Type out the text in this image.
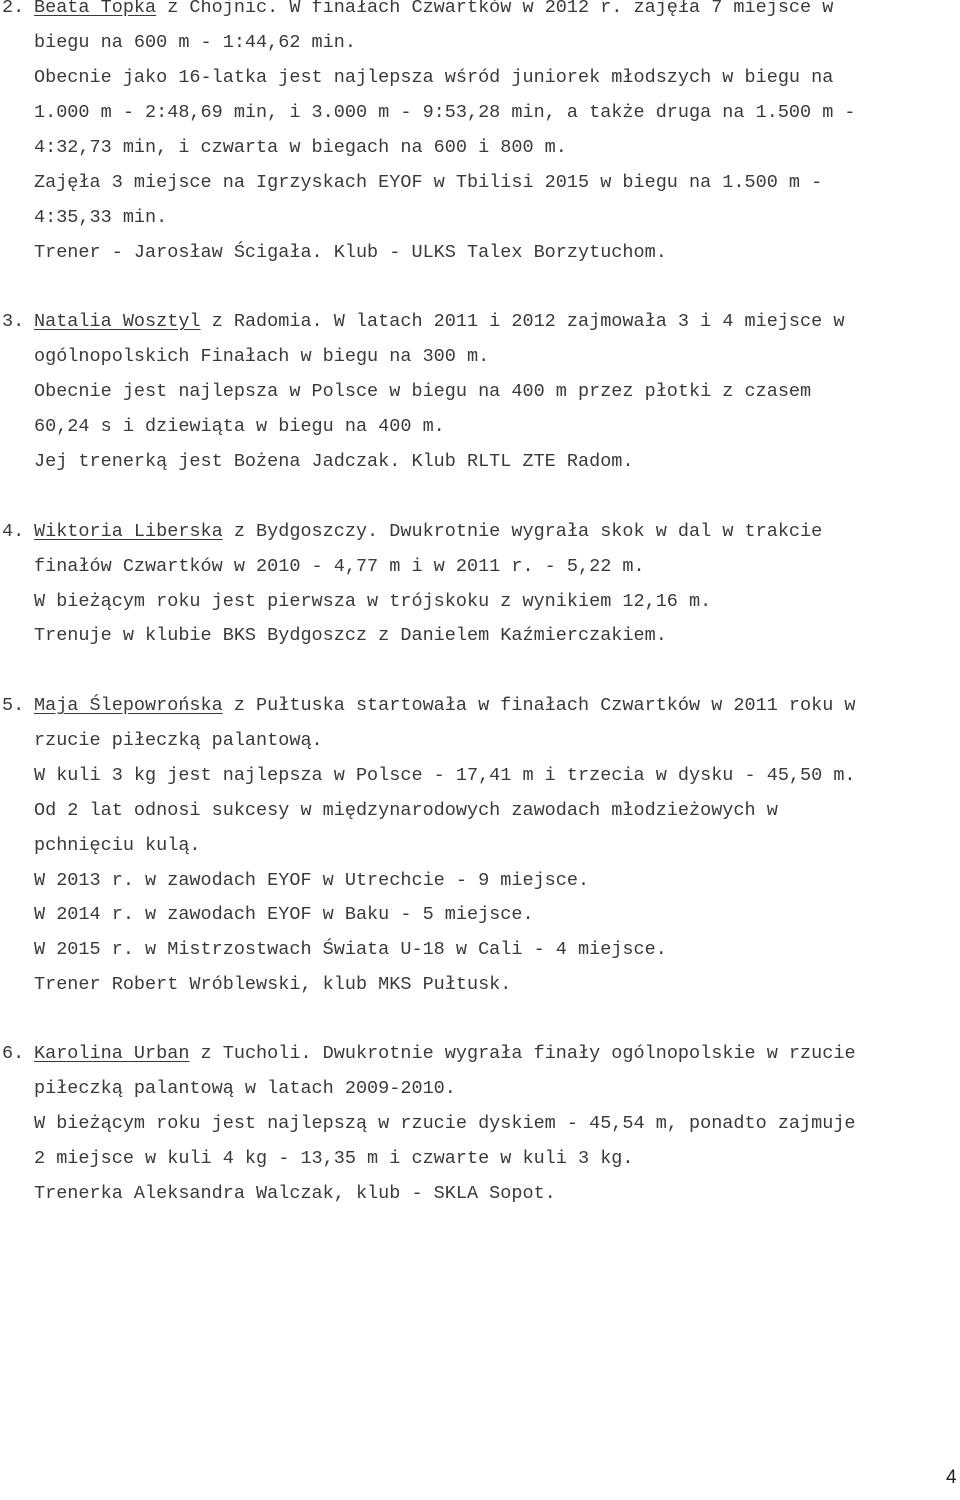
2. Beata Topka z Chojnic. W finałach Czwartków w 2012 r. zajęła 7 miejsce w
biegu na 600 m - 1:44,62 min.
Obecnie jako 16-latka jest najlepsza wśród juniorek młodszych w biegu na
1.000 m - 2:48,69 min, i 3.000 m - 9:53,28 min, a także druga na 1.500 m -
4:32,73 min, i czwarta w biegach na 600 i 800 m.
Zajęła 3 miejsce na Igrzyskach EYOF w Tbilisi 2015 w biegu na 1.500 m -
4:35,33 min.
Trener - Jarosław Ścigała. Klub - ULKS Talex Borzytuchom.
3. Natalia Wosztyl z Radomia. W latach 2011 i 2012 zajmowała 3 i 4 miejsce w
ogólnopolskich Finałach w biegu na 300 m.
Obecnie jest najlepsza w Polsce w biegu na 400 m przez płotki z czasem
60,24 s i dziewiąta w biegu na 400 m.
Jej trenerką jest Bożena Jadczak. Klub RLTL ZTE Radom.
4. Wiktoria Liberska z Bydgoszczy. Dwukrotnie wygrała skok w dal w trakcie
finałów Czwartków w 2010 - 4,77 m i w 2011 r. - 5,22 m.
W bieżącym roku jest pierwsza w trójskoku z wynikiem 12,16 m.
Trenuje w klubie BKS Bydgoszcz z Danielem Kaźmierczakiem.
5. Maja Ślepowrońska z Pułtuska startowała w finałach Czwartków w 2011 roku w
rzucie piłeczką palantową.
W kuli 3 kg jest najlepsza w Polsce - 17,41 m i trzecia w dysku - 45,50 m.
Od 2 lat odnosi sukcesy w międzynarodowych zawodach młodzieżowych w
pchnięciu kulą.
W 2013 r. w zawodach EYOF w Utrechcie - 9 miejsce.
W 2014 r. w zawodach EYOF w Baku - 5 miejsce.
W 2015 r. w Mistrzostwach Świata U-18 w Cali - 4 miejsce.
Trener Robert Wróblewski, klub MKS Pułtusk.
6. Karolina Urban z Tucholi. Dwukrotnie wygrała finały ogólnopolskie w rzucie
piłeczką palantową w latach 2009-2010.
W bieżącym roku jest najlepszą w rzucie dyskiem - 45,54 m, ponadto zajmuje
2 miejsce w kuli 4 kg - 13,35 m i czwarte w kuli 3 kg.
Trenerka Aleksandra Walczak, klub - SKLA Sopot.
4
